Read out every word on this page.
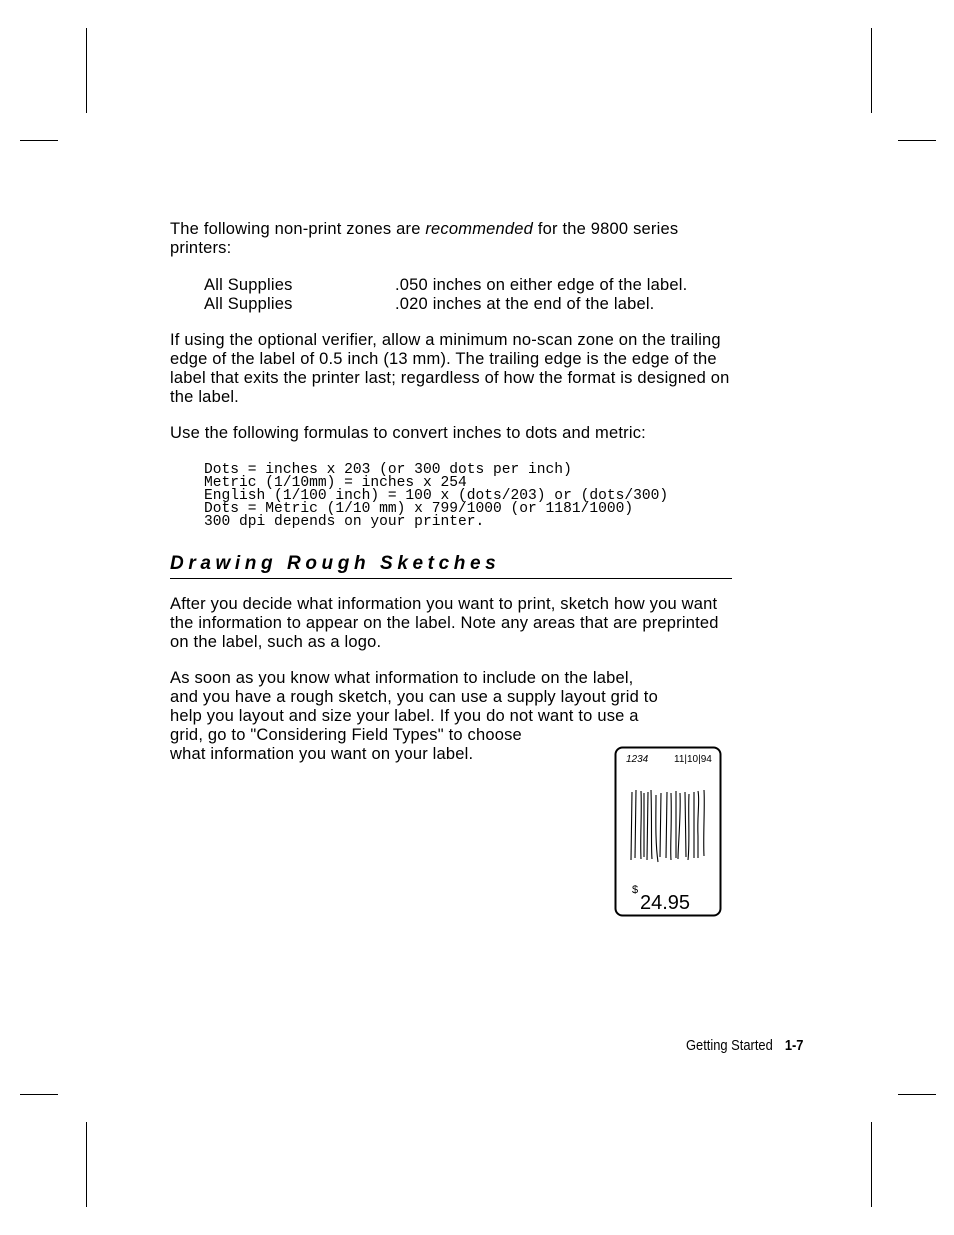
The following non-print zones are recommended for the 9800 series printers:

All Supplies	.050 inches on either edge of the label.
All Supplies	.020 inches at the end of the label.

If using the optional verifier, allow a minimum no-scan zone on the trailing edge of the label of 0.5 inch (13 mm). The trailing edge is the edge of the label that exits the printer last; regardless of how the format is designed on the label.

Use the following formulas to convert inches to dots and metric:

Dots = inches x 203 (or 300 dots per inch)
Metric (1/10mm) = inches x 254
English (1/100 inch) = 100 x (dots/203) or (dots/300)
Dots = Metric (1/10 mm) x 799/1000 (or 1181/1000)
300 dpi depends on your printer.
Drawing Rough Sketches

After you decide what information you want to print, sketch how you want the information to appear on the label. Note any areas that are preprinted on the label, such as a logo.

As soon as you know what information to include on the label,

and you have a rough sketch, you can use a supply layout grid to

help you layout and size your label. If you do not want to use a

grid, go to "Considering Field Types" to choose

what information you want on your label.	1234	11|10|94
$
24.95
Getting Started 1-7
